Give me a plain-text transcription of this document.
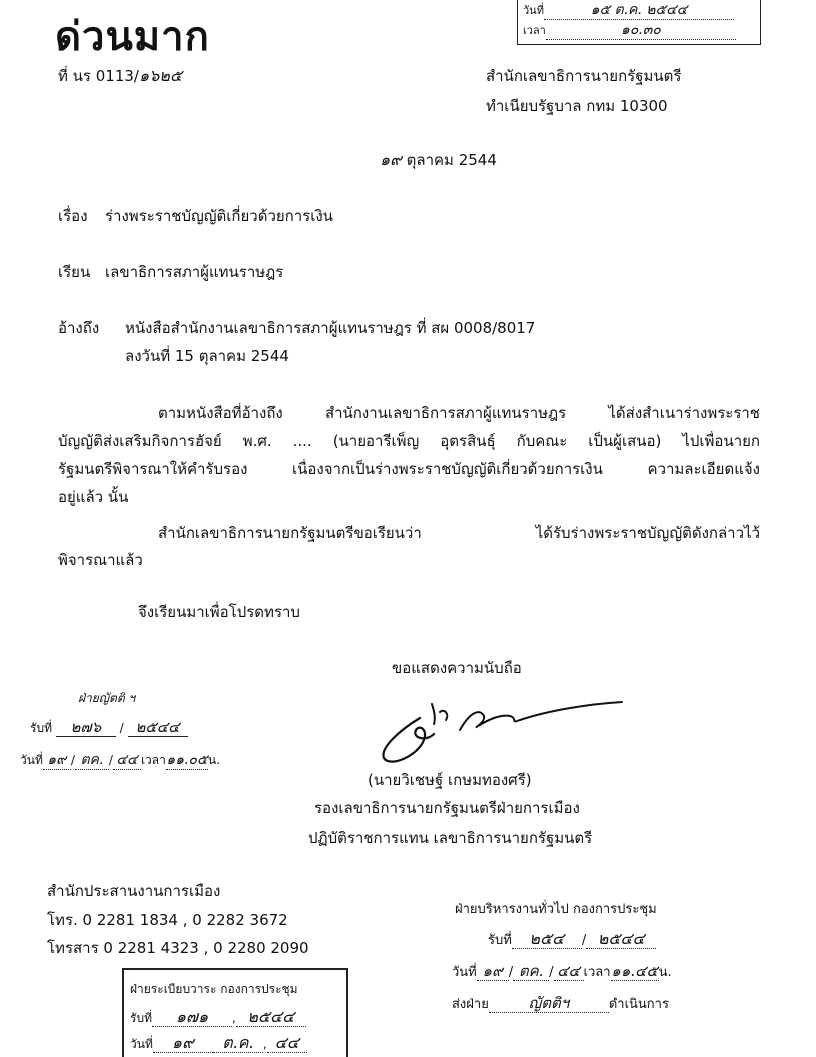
ด่วนมาก
ที่ นร 0113/๑๖๒๕
วันที่	๑๕ ต.ค. ๒๕๔๔
เวลา	๑๐.๓๐
สำนักเลขาธิการนายกรัฐมนตรี
ทำเนียบรัฐบาล กทม 10300
๑๙ ตุลาคม 2544
เรื่อง ร่างพระราชบัญญัติเกี่ยวด้วยการเงิน
เรียน เลขาธิการสภาผู้แทนราษฎร
อ้างถึง หนังสือสำนักงานเลขาธิการสภาผู้แทนราษฎร ที่ สผ 0008/8017
ลงวันที่ 15 ตุลาคม 2544
ตามหนังสือที่อ้างถึง สำนักงานเลขาธิการสภาผู้แทนราษฎร ได้ส่งสำเนาร่างพระราช
บัญญัติส่งเสริมกิจการฮัจย์ พ.ศ. .... (นายอารีเพ็ญ อุตรสินธุ์ กับคณะ เป็นผู้เสนอ) ไปเพื่อนายก
รัฐมนตรีพิจารณาให้คำรับรอง เนื่องจากเป็นร่างพระราชบัญญัติเกี่ยวด้วยการเงิน ความละเอียดแจ้ง
อยู่แล้ว นั้น
สำนักเลขาธิการนายกรัฐมนตรีขอเรียนว่า ได้รับร่างพระราชบัญญัติดังกล่าวไว้
พิจารณาแล้ว
จึงเรียนมาเพื่อโปรดทราบ
ขอแสดงความนับถือ
(นายวิเชษฐ์ เกษมทองศรี)
รองเลขาธิการนายกรัฐมนตรีฝ่ายการเมือง
ปฏิบัติราชการแทน เลขาธิการนายกรัฐมนตรี
ฝ่ายญัตติ ฯ
รับที่ ๒๗๖ / ๒๕๔๔
วันที่ ๑๙ / ตค. / ๔๔ เวลา๑๑.๐๕น.
สำนักประสานงานการเมือง
โทร. 0 2281 1834 , 0 2282 3672
โทรสาร 0 2281 4323 , 0 2280 2090
ฝ่ายระเบียบวาระ กองการประชุม
รับที่ ๑๗๑ , ๒๕๔๔
วันที่ ๑๙ ต.ค. , ๔๔
ฝ่ายบริหารงานทั่วไป กองการประชุม
รับที่ ๒๕๔ / ๒๕๔๔
วันที่ ๑๙ / ตค. / ๔๔ เวลา๑๑.๔๕น.
ส่งฝ่าย	ญัตติฯ	ดำเนินการ
